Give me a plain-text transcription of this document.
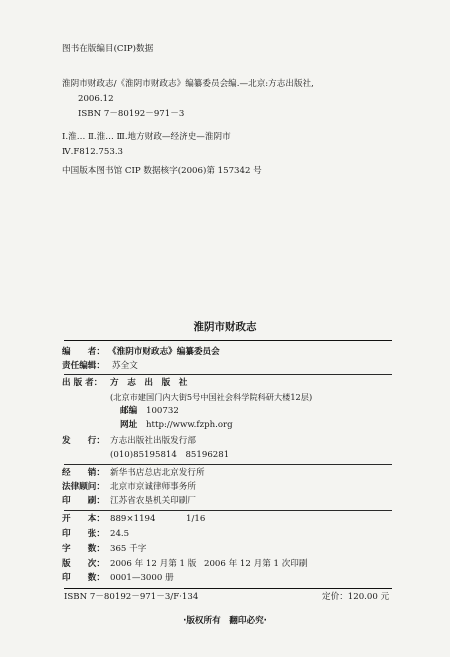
图书在版编目(CIP)数据
淮阴市财政志/《淮阴市财政志》编纂委员会编.—北京:方志出版社,
2006.12
ISBN 7－80192－971－3
Ⅰ.淮… Ⅱ.淮… Ⅲ.地方财政—经济史—淮阴市
Ⅳ.F812.753.3
中国版本图书馆 CIP 数据核字(2006)第 157342 号
淮阴市财政志
编　　者： 《淮阴市财政志》编纂委员会
责任编辑： 苏全文
出 版 者： 方　志　出　版　社
(北京市建国门内大街5号中国社会科学院科研大楼12层)
邮编 100732
网址 http://www.fzph.org
发　　行： 方志出版社出版发行部
(010)85195814　85196281
经　　销： 新华书店总店北京发行所
法律顾问： 北京市京诚律师事务所
印　　刷： 江苏省农垦机关印刷厂
开　　本： 889×1194	1/16
印　　张： 24.5
字　　数： 365 千字
版　　次： 2006 年 12 月第 1 版 2006 年 12 月第 1 次印刷
印　　数： 0001—3000 册
ISBN 7－80192－971－3/F·134	定价：120.00 元
·版权所有　翻印必究·
